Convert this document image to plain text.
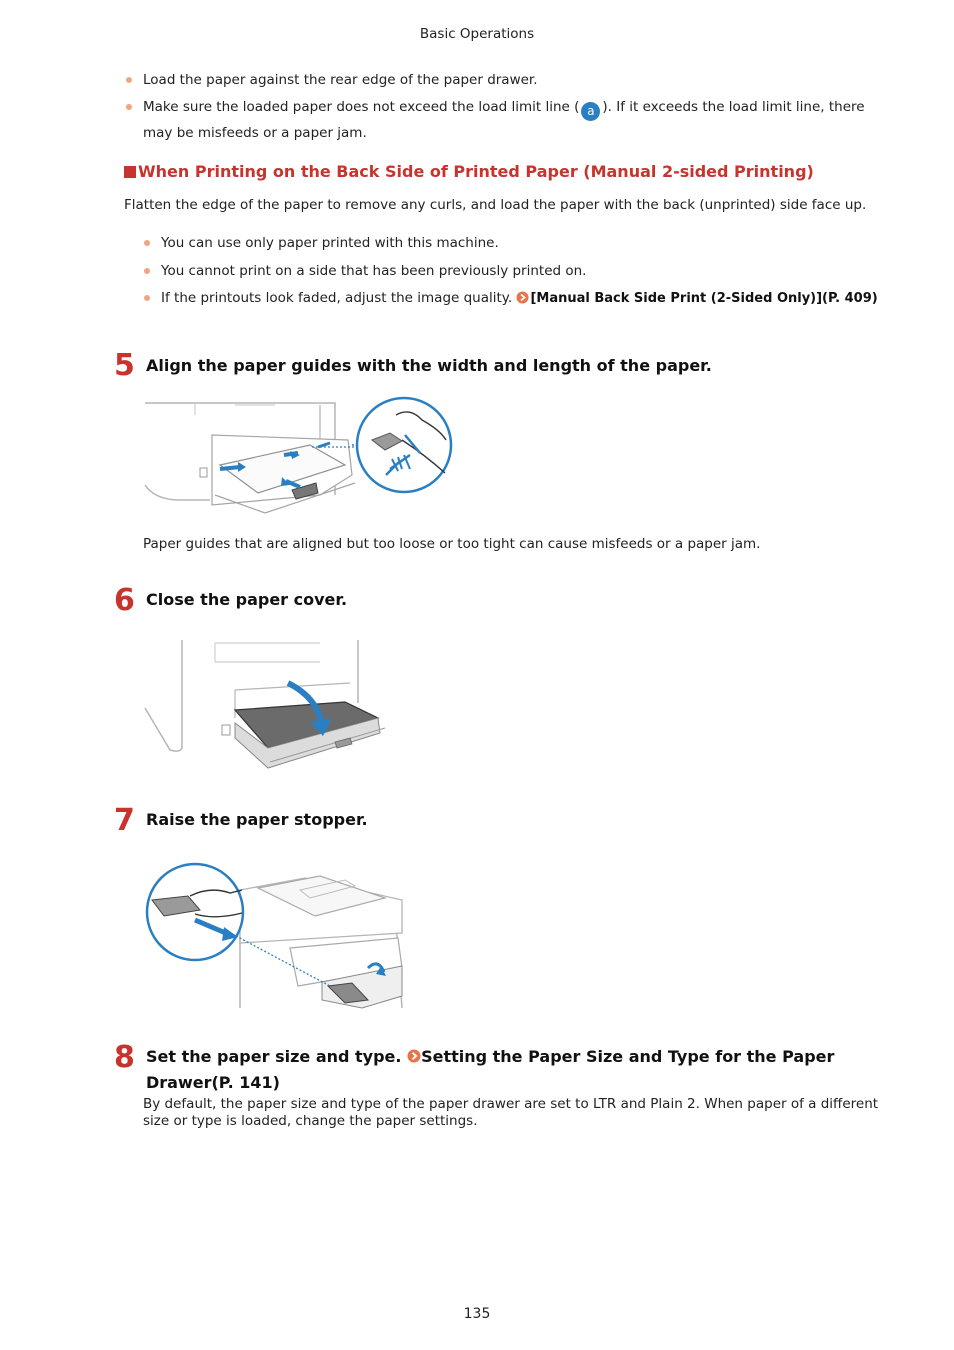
Basic Operations
Load the paper against the rear edge of the paper drawer.
Make sure the loaded paper does not exceed the load limit line ( a ). If it exceeds the load limit line, there
may be misfeeds or a paper jam.
When Printing on the Back Side of Printed Paper (Manual 2-sided Printing)
Flatten the edge of the paper to remove any curls, and load the paper with the back (unprinted) side face up.
You can use only paper printed with this machine.
You cannot print on a side that has been previously printed on.
If the printouts look faded, adjust the image quality. [Manual Back Side Print (2-Sided Only)](P. 409)
5 Align the paper guides with the width and length of the paper.
Paper guides that are aligned but too loose or too tight can cause misfeeds or a paper jam.
6 Close the paper cover.
7 Raise the paper stopper.
8 Set the paper size and type. Setting the Paper Size and Type for the Paper
Drawer(P. 141)
By default, the paper size and type of the paper drawer are set to LTR and Plain 2. When paper of a different
size or type is loaded, change the paper settings.
135
